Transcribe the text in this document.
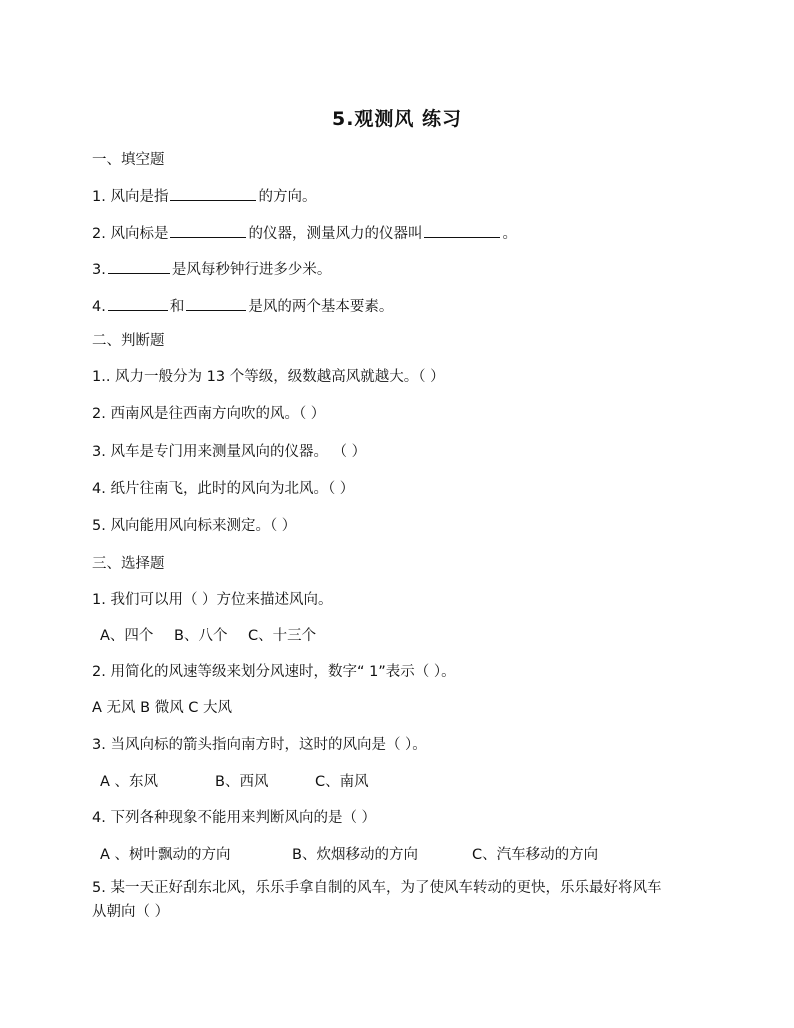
5.观测风 练习
一、填空题
1. 风向是指	的方向。
2. 风向标是	的仪器，测量风力的仪器叫	。
3.	是风每秒钟行进多少米。
4.	和	是风的两个基本要素。
二、判断题
1.. 风力一般分为 13 个等级，级数越高风就越大。（ ）
2. 西南风是往西南方向吹的风。（ ）
3. 风车是专门用来测量风向的仪器。 （ ）
4. 纸片往南飞，此时的风向为北风。（ ）
5. 风向能用风向标来测定。（ ）
三、选择题
1. 我们可以用（ ）方位来描述风向。
A、四个 B、八个 C、十三个
2. 用简化的风速等级来划分风速时，数字“ 1”表示（ ）。
A 无风 B 微风 C 大风
3. 当风向标的箭头指向南方时，这时的风向是（ ）。
A 、东风	B、西风	C、南风
4. 下列各种现象不能用来判断风向的是（ ）
A 、树叶飘动的方向	B、炊烟移动的方向	C、汽车移动的方向
5. 某一天正好刮东北风，乐乐手拿自制的风车，为了使风车转动的更快，乐乐最好将风车
从朝向（ ）
